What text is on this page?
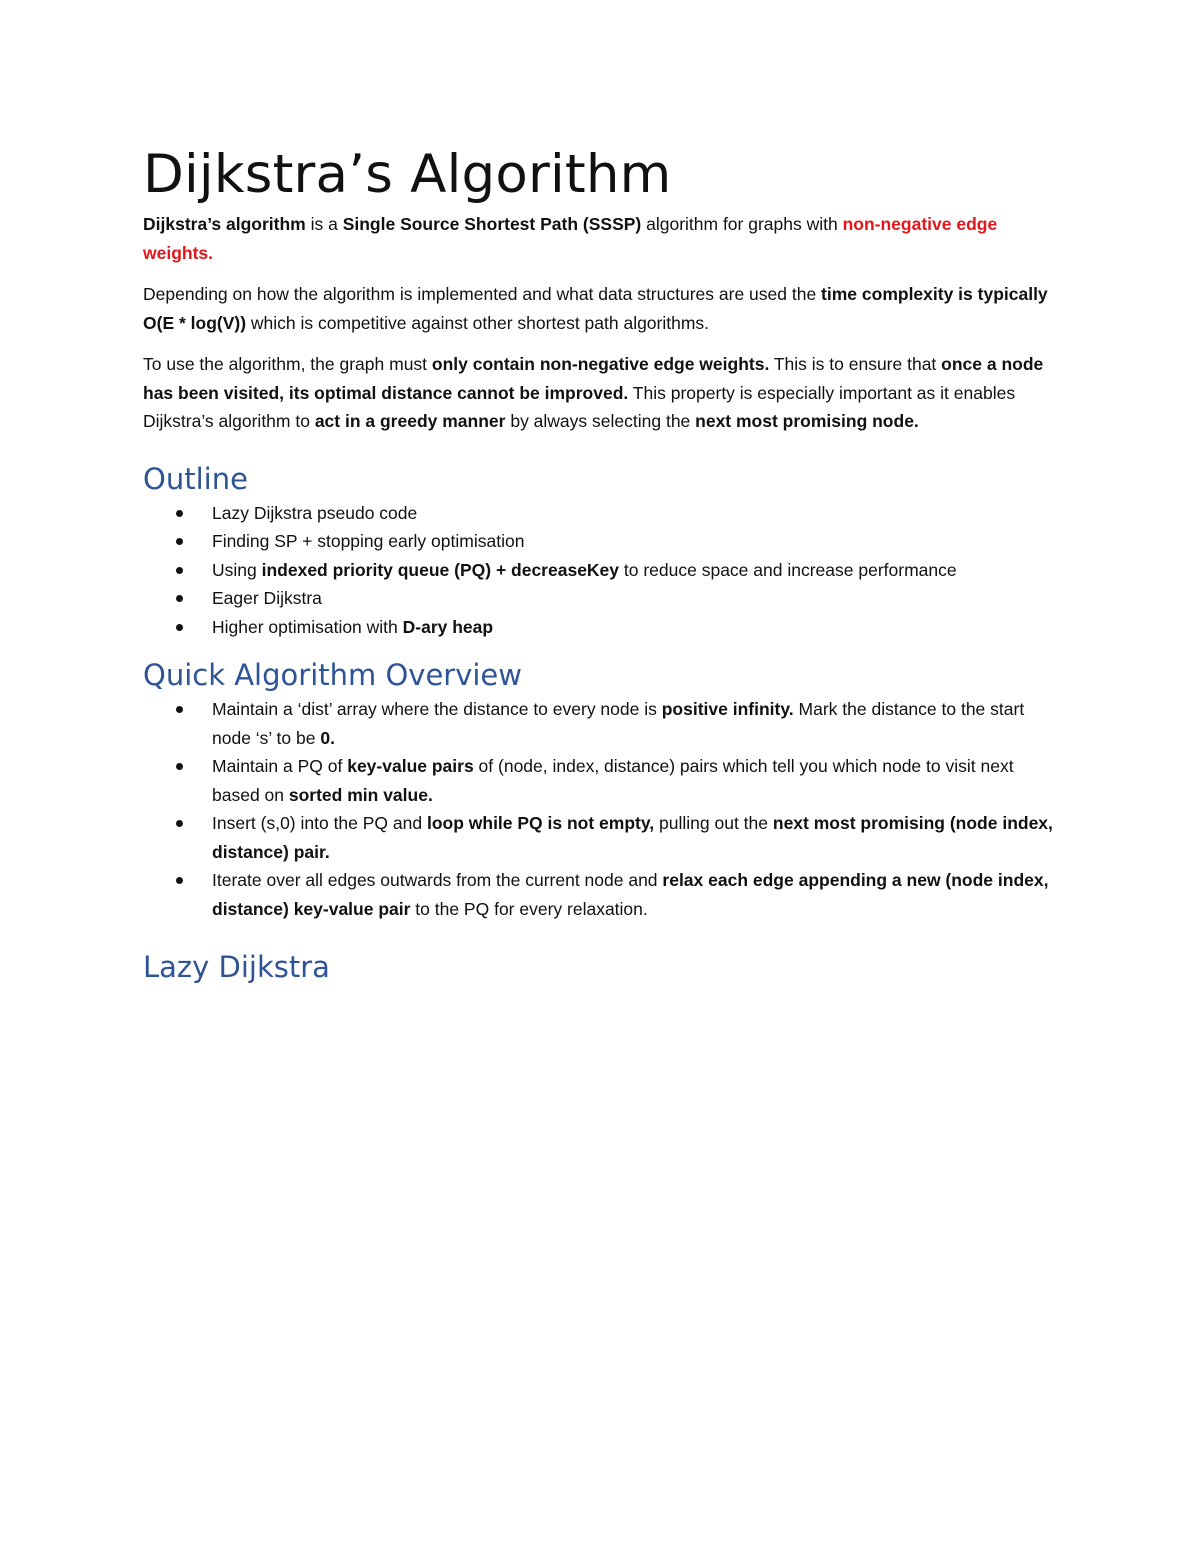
Dijkstra’s Algorithm

Dijkstra’s algorithm is a Single Source Shortest Path (SSSP) algorithm for graphs with non-negative edge weights.

Depending on how the algorithm is implemented and what data structures are used the time complexity is typically O(E * log(V)) which is competitive against other shortest path algorithms.

To use the algorithm, the graph must only contain non-negative edge weights. This is to ensure that once a node has been visited, its optimal distance cannot be improved. This property is especially important as it enables Dijkstra’s algorithm to act in a greedy manner by always selecting the next most promising node.

Outline
Lazy Dijkstra pseudo code
Finding SP + stopping early optimisation
Using indexed priority queue (PQ) + decreaseKey to reduce space and increase performance
Eager Dijkstra
Higher optimisation with D-ary heap
Quick Algorithm Overview
Maintain a ‘dist’ array where the distance to every node is positive infinity. Mark the distance to the start node ‘s’ to be 0.
Maintain a PQ of key-value pairs of (node, index, distance) pairs which tell you which node to visit next based on sorted min value.
Insert (s,0) into the PQ and loop while PQ is not empty, pulling out the next most promising (node index, distance) pair.
Iterate over all edges outwards from the current node and relax each edge appending a new (node index, distance) key-value pair to the PQ for every relaxation.
Lazy Dijkstra
